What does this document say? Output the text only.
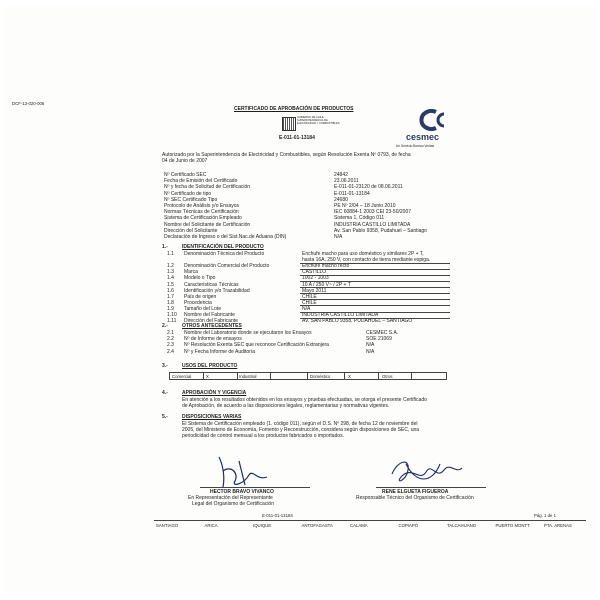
DCF-13-020-006
CERTIFICADO DE APROBACIÓN DE PRODUCTOS
GOBIERNO DE CHILE
SUPERINTENDENCIA DE
ELECTRICIDAD Y COMBUSTIBLES
E-011-01-13184	cesmec
Un Servicio Bureau Veritas
Autorizado por la Superintendencia de Electricidad y Combustibles, según Resolución Exenta Nº 0793, de fecha
04 de Junio de 2007
Nº Certificado SEC	24842
Fecha de Emisión del Certificado	23.06.2011
Nº y fecha de Solicitud de Certificación	E-011-01-23120 de 08.06.2011
Nº Certificado de tipo	E-011-01-13184
Nº SEC Certificado Tipo	24680
Protocolo de Análisis y/o Ensayos	PE Nº 2/04 – 18 Junio 2010
Normas Técnicas de Certificación	IEC 60884-1 2003 CEI 23-50/2007
Sistema de Certificación Empleado	Sistema 1, Código 011
Nombre del Solicitante de Certificación	INDUSTRIA CASTILLO LIMITADA
Dirección del Solicitante	Av. San Pablo 9358, Pudahuel – Santiago
Declaración de Ingreso o del Sist.Nac.de Aduana (DIN)	N/A
1.-	IDENTIFICACIÓN DEL PRODUCTO
1.1 Denominación Técnica del Producto	Enchufe macho para uso doméstico y similares 2P + T,
hasta 16A, 250 V, con contacto de tierra mediante espiga.
1.2 Denominación Comercial del Producto	Enchufe macho recto
1.3 Marca	CASTILLO
1.4 Modelo o Tipo	1002 - 1003
1.5 Características Técnicas	10 A / 250 V~ / 2P + T
1.6 Identificación y/o Trazabilidad	Mayo 2011
1.7 País de origen	CHILE
1.8 Procedencia	CHILE
1.9 Tamaño del Lote	N/A
1.10 Nombre del Fabricante	INDUSTRIA CASTILLO LIMITADA
1.11 Dirección del Fabricante	AV. SAN PABLO 9358, PUDAHUEL – SANTIAGO
2.-	OTROS ANTECEDENTES
2.1 Nombre del Laboratorio donde se ejecutaron los Ensayos	CESMEC S.A.
2.2 Nº de Informe de ensayos	SOE 21069
2.3 Nº Resolución Exenta SEC que reconoce Certificación Extranjera	N/A
2.4 Nº y Fecha Informe de Auditoría	N/A
3.-	USOS DEL PRODUCTO
Comercial	X	Industrial	Doméstico	X	Otros
4.-	APROBACIÓN Y VIGENCIA
En atención a los resultados obtenidos en los ensayos y pruebas efectuadas, se otorga el presente Certificado
de Aprobación, de acuerdo a las disposiciones legales, reglamentarias y normativas vigentes.
5.-	DISPOSICIONES VARIAS
El Sistema de Certificación empleado (1. código 011), según el D.S. Nº 298, de fecha 12 de noviembre del
2005, del Ministerio de Economía, Fomento y Reconstrucción, considera según disposiciones de SEC, una
periodicidad de control mensual a los productos fabricados o importados.
HECTOR BRAVO VIVANCO
En Representación del Representante
Legal del Organismo de Certificación
RENE ELGUETA FIGUEROA
Responsable Técnico del Organismo de Certificación
E-011-01-13184	Pág. 1 de 1
SANTIAGO	ARICA	IQUIQUE	ANTOFAGASTA	CALAMA	COPIAPÓ	TALCAHUANO	PUERTO MONTT	PTA. ARENAS
